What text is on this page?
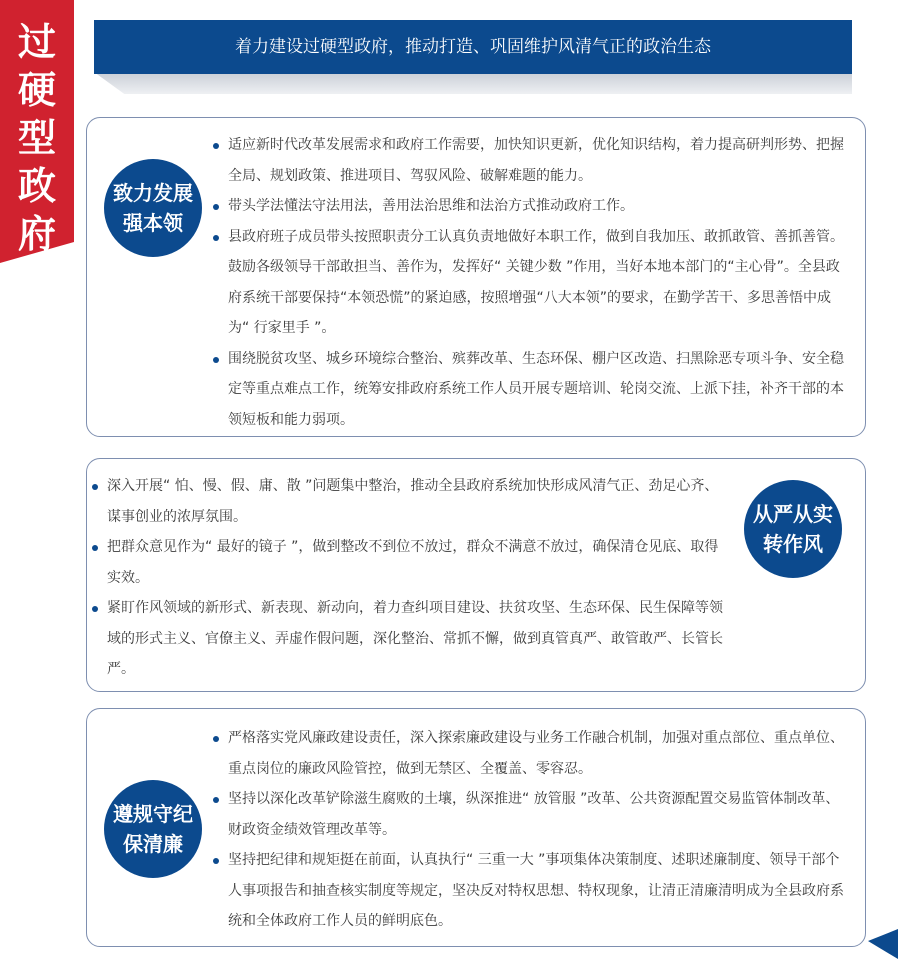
过
硬
型
政
府
着力建设过硬型政府，推动打造、巩固维护风清气正的政治生态
致力发展
强本领
适应新时代改革发展需求和政府工作需要，加快知识更新，优化知识结构，着力提高研判形势、把握全局、规划政策、推进项目、驾驭风险、破解难题的能力。
带头学法懂法守法用法，善用法治思维和法治方式推动政府工作。
县政府班子成员带头按照职责分工认真负责地做好本职工作，做到自我加压、敢抓敢管、善抓善管。鼓励各级领导干部敢担当、善作为，发挥好“ 关键少数 ”作用，当好本地本部门的“主心骨”。全县政府系统干部要保持“本领恐慌”的紧迫感，按照增强“八大本领”的要求，在勤学苦干、多思善悟中成为“ 行家里手 ”。
围绕脱贫攻坚、城乡环境综合整治、殡葬改革、生态环保、棚户区改造、扫黑除恶专项斗争、安全稳定等重点难点工作，统筹安排政府系统工作人员开展专题培训、轮岗交流、上派下挂，补齐干部的本领短板和能力弱项。
深入开展“ 怕、慢、假、庸、散 ”问题集中整治，推动全县政府系统加快形成风清气正、劲足心齐、谋事创业的浓厚氛围。
把群众意见作为“ 最好的镜子 ”，做到整改不到位不放过，群众不满意不放过，确保清仓见底、取得实效。
紧盯作风领域的新形式、新表现、新动向，着力查纠项目建设、扶贫攻坚、生态环保、民生保障等领域的形式主义、官僚主义、弄虚作假问题，深化整治、常抓不懈，做到真管真严、敢管敢严、长管长严。
从严从实
转作风
遵规守纪
保清廉
严格落实党风廉政建设责任，深入探索廉政建设与业务工作融合机制，加强对重点部位、重点单位、重点岗位的廉政风险管控，做到无禁区、全覆盖、零容忍。
坚持以深化改革铲除滋生腐败的土壤，纵深推进“ 放管服 ”改革、公共资源配置交易监管体制改革、财政资金绩效管理改革等。
坚持把纪律和规矩挺在前面，认真执行“ 三重一大 ”事项集体决策制度、述职述廉制度、领导干部个人事项报告和抽查核实制度等规定，坚决反对特权思想、特权现象，让清正清廉清明成为全县政府系统和全体政府工作人员的鲜明底色。
